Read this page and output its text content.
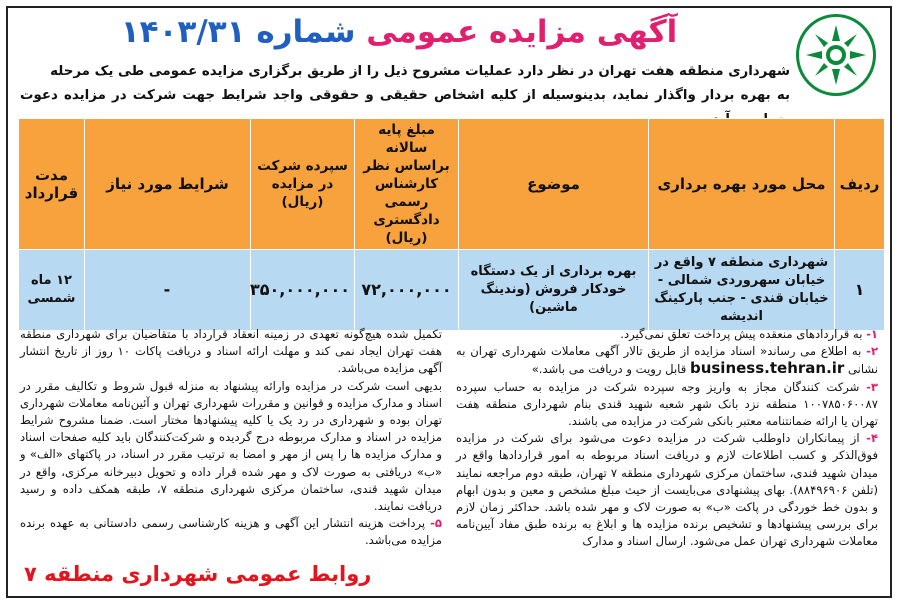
آگهی مزایده عمومی شماره ۱۴۰۳/۳۱
شهرداری منطقه هفت تهران در نظر دارد عملیات مشروح ذیل را از طریق برگزاری مزایده عمومی طی یک مرحله
به بهره بردار واگذار نماید، بدینوسیله از کلیه اشخاص حقیقی و حقوقی واجد شرایط جهت شرکت در مزایده دعوت
ردیف	محل مورد بهره برداری	موضوع	مبلغ پایه سالانه براساس نظر کارشناس رسمی دادگستری (ریال)	سپرده شرکت در مزایده (ریال)	شرایط مورد نیاز	مدت قرارداد
۱	شهرداری منطقه ۷ واقع در خیابان سهروردی شمالی - خیابان قندی - جنب پارکینگ اندیشه	بهره برداری از یک دستگاه خودکار فروش (وندینگ ماشین)	۷۲,۰۰۰,۰۰۰	۳۵۰,۰۰۰,۰۰۰	-	۱۲ ماه شمسی

۱- به قراردادهای منعقده پیش پرداخت تعلق نمی‌گیرد.

۲- به اطلاع می رساند« اسناد مزایده از طریق تالار آگهی معاملات شهرداری تهران به نشانی business.tehran.ir قابل رویت و دریافت می باشد.»

۳- شرکت کنندگان مجاز به واریز وجه سپرده شرکت در مزایده به حساب سپرده ۱۰۰۷۸۵۰۶۰۰۸۷ منطقه نزد بانک شهر شعبه شهید قندی بنام شهرداری منطقه هفت تهران یا ارائه ضمانتنامه معتبر بانکی شرکت در مزایده می باشند.

۴- از پیمانکاران داوطلب شرکت در مزایده دعوت می‌شود برای شرکت در مزایده فوق‌الذکر و کسب اطلاعات لازم و دریافت اسناد مربوطه به امور قراردادها واقع در میدان شهید قندی، ساختمان مرکزی شهرداری منطقه ۷ تهران، طبقه دوم مراجعه نمایند (تلفن ۸۸۴۹۶۹۰۶). بهای پیشنهادی می‌بایست از حیث مبلغ مشخص و معین و بدون ابهام و بدون خط خوردگی در پاکت «ب» به صورت لاک و مهر شده باشد. حداکثر زمان لازم برای بررسی پیشنهادها و تشخیص برنده مزایده ها و ابلاغ به برنده طبق مفاد آیین‌نامه معاملات شهرداری تهران عمل می‌شود. ارسال اسناد و مدارک

تکمیل شده هیچ‌گونه تعهدی در زمینه انعقاد قرارداد با متقاضیان برای شهرداری منطقه هفت تهران ایجاد نمی کند و مهلت ارائه اسناد و دریافت پاکات ۱۰ روز از تاریخ انتشار آگهی مزایده می‌باشد.

بدیهی است شرکت در مزایده وارائه پیشنهاد به منزله قبول شروط و تکالیف مقرر در اسناد و مدارک مزایده و قوانین و مقررات شهرداری تهران و آئین‌نامه معاملات شهرداری تهران بوده و شهرداری در رد یک یا کلیه پیشنهادها مختار است. ضمنا مشروح شرایط مزایده در اسناد و مدارک مربوطه درج گردیده و شرکت‌کنندگان باید کلیه صفحات اسناد و مدارک مزایده ها را پس از مهر و امضا به ترتیب مقرر در اسناد، در پاکتهای «الف» و «ب» دریافتی به صورت لاک و مهر شده قرار داده و تحویل دبیرخانه مرکزی، واقع در میدان شهید قندی، ساختمان مرکزی شهرداری منطقه ۷، طبقه همکف داده و رسید دریافت نمایند.

۵- پرداخت هزینه انتشار این آگهی و هزینه کارشناسی رسمی دادستانی به عهده برنده مزایده می‌باشد.

روابط عمومی شهرداری منطقه ۷
